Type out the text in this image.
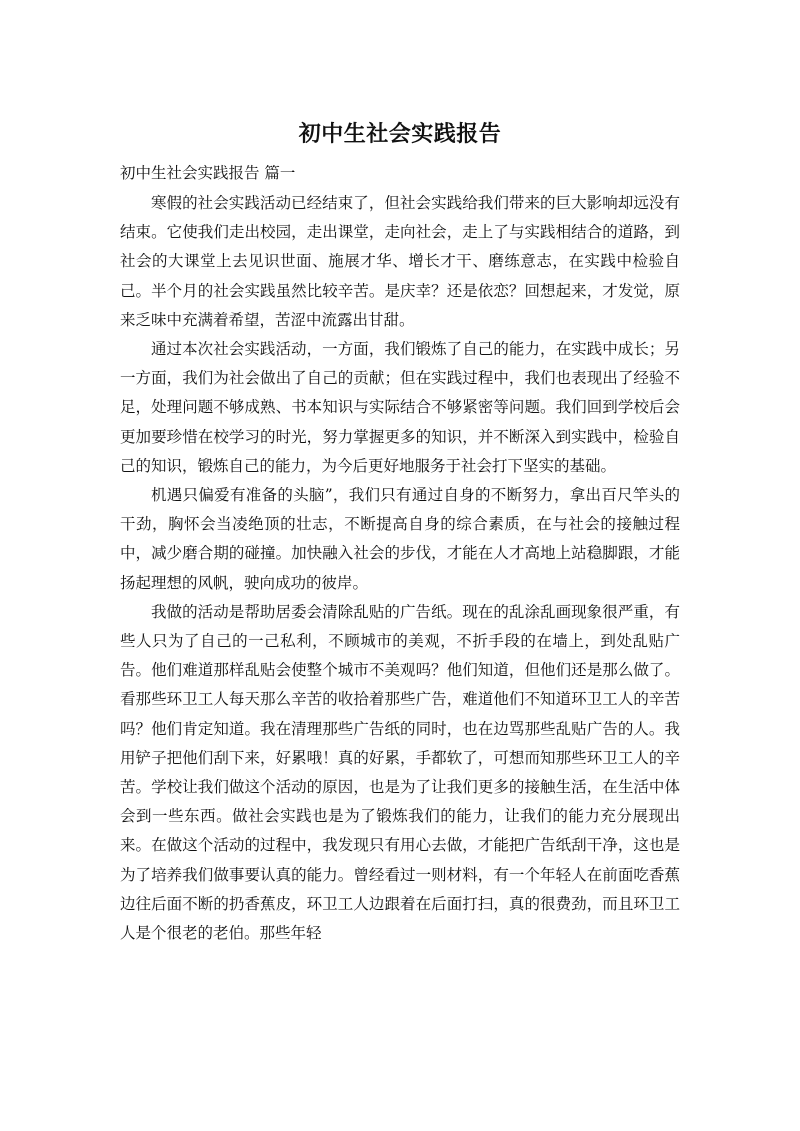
初中生社会实践报告
初中生社会实践报告 篇一

寒假的社会实践活动已经结束了，但社会实践给我们带来的巨大影响却远没有结束。它使我们走出校园，走出课堂，走向社会，走上了与实践相结合的道路，到社会的大课堂上去见识世面、施展才华、增长才干、磨练意志，在实践中检验自己。半个月的社会实践虽然比较辛苦。是庆幸？还是依恋？回想起来，才发觉，原来乏味中充满着希望，苦涩中流露出甘甜。

通过本次社会实践活动，一方面，我们锻炼了自己的能力，在实践中成长；另一方面，我们为社会做出了自己的贡献；但在实践过程中，我们也表现出了经验不足，处理问题不够成熟、书本知识与实际结合不够紧密等问题。我们回到学校后会更加要珍惜在校学习的时光，努力掌握更多的知识，并不断深入到实践中，检验自己的知识，锻炼自己的能力，为今后更好地服务于社会打下坚实的基础。

机遇只偏爱有准备的头脑”，我们只有通过自身的不断努力，拿出百尺竿头的干劲，胸怀会当凌绝顶的壮志，不断提高自身的综合素质，在与社会的接触过程中，减少磨合期的碰撞。加快融入社会的步伐，才能在人才高地上站稳脚跟，才能扬起理想的风帆，驶向成功的彼岸。

我做的活动是帮助居委会清除乱贴的广告纸。现在的乱涂乱画现象很严重，有些人只为了自己的一己私利，不顾城市的美观，不折手段的在墙上，到处乱贴广告。他们难道那样乱贴会使整个城市不美观吗？他们知道，但他们还是那么做了。看那些环卫工人每天那么辛苦的收拾着那些广告，难道他们不知道环卫工人的辛苦吗？他们肯定知道。我在清理那些广告纸的同时，也在边骂那些乱贴广告的人。我用铲子把他们刮下来，好累哦！真的好累，手都软了，可想而知那些环卫工人的辛苦。学校让我们做这个活动的原因，也是为了让我们更多的接触生活，在生活中体会到一些东西。做社会实践也是为了锻炼我们的能力，让我们的能力充分展现出来。在做这个活动的过程中，我发现只有用心去做，才能把广告纸刮干净，这也是为了培养我们做事要认真的能力。曾经看过一则材料，有一个年轻人在前面吃香蕉边往后面不断的扔香蕉皮，环卫工人边跟着在后面打扫，真的很费劲，而且环卫工人是个很老的老伯。那些年轻
